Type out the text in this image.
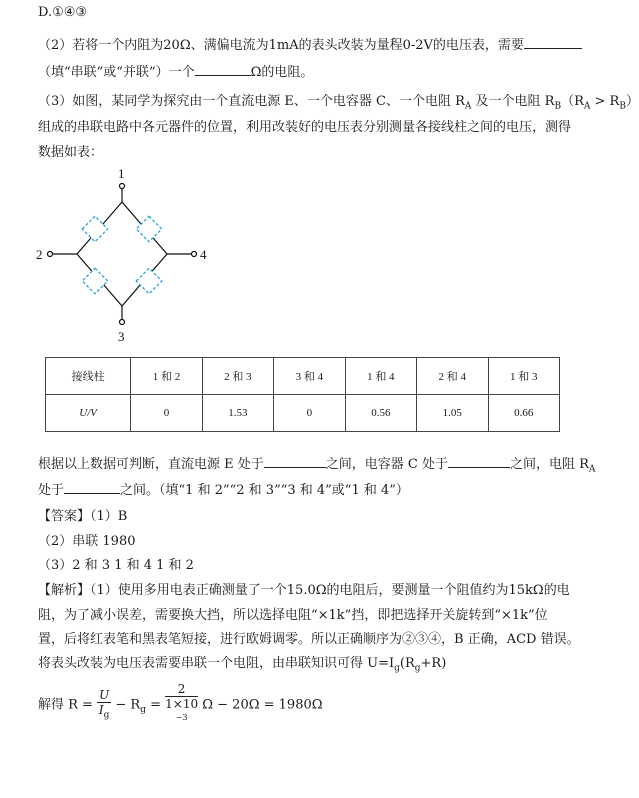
D.①④③
（2）若将一个内阻为20Ω、满偏电流为1mA的表头改装为量程0-2V的电压表，需要
（填“串联”或“并联”）一个	Ω的电阻。
（3）如图，某同学为探究由一个直流电源 E、一个电容器 C、一个电阻 $R_A$ 及一个电阻 $R_B(R_A > R_B)$
组成的串联电路中各元器件的位置，利用改装好的电压表分别测量各接线柱之间的电压，测得
数据如表：
1
2
3
4
接线柱	1 和 2	2 和 3	3 和 4	1 和 4	2 和 4	1 和 3
U/V	0	1.53	0	0.56	1.05	0.66
根据以上数据可判断，直流电源 E 处于	之间，电容器 C 处于	之间，电阻 $R_A$
处于	之间。（填“1 和 2”“2 和 3”“3 和 4”或“1 和 4”）
【答案】（1）B
（2）串联 1980
（3）2 和 3 1 和 4 1 和 2
【解析】（1）使用多用电表正确测量了一个15.0Ω的电阻后，要测量一个阻值约为15kΩ的电
阻，为了减小误差，需要换大挡，所以选择电阻“×1k”挡，即把选择开关旋转到“×1k”位
置，后将红表笔和黑表笔短接，进行欧姆调零。所以正确顺序为②③④，B 正确，ACD 错误。
将表头改装为电压表需要串联一个电阻，由串联知识可得 $U=I_g(R_g+R)$
解得 $R = \frac{U}{I_g} - R_g = 2$
1×10
$^{-3}$ Ω − 20Ω = 1980Ω
